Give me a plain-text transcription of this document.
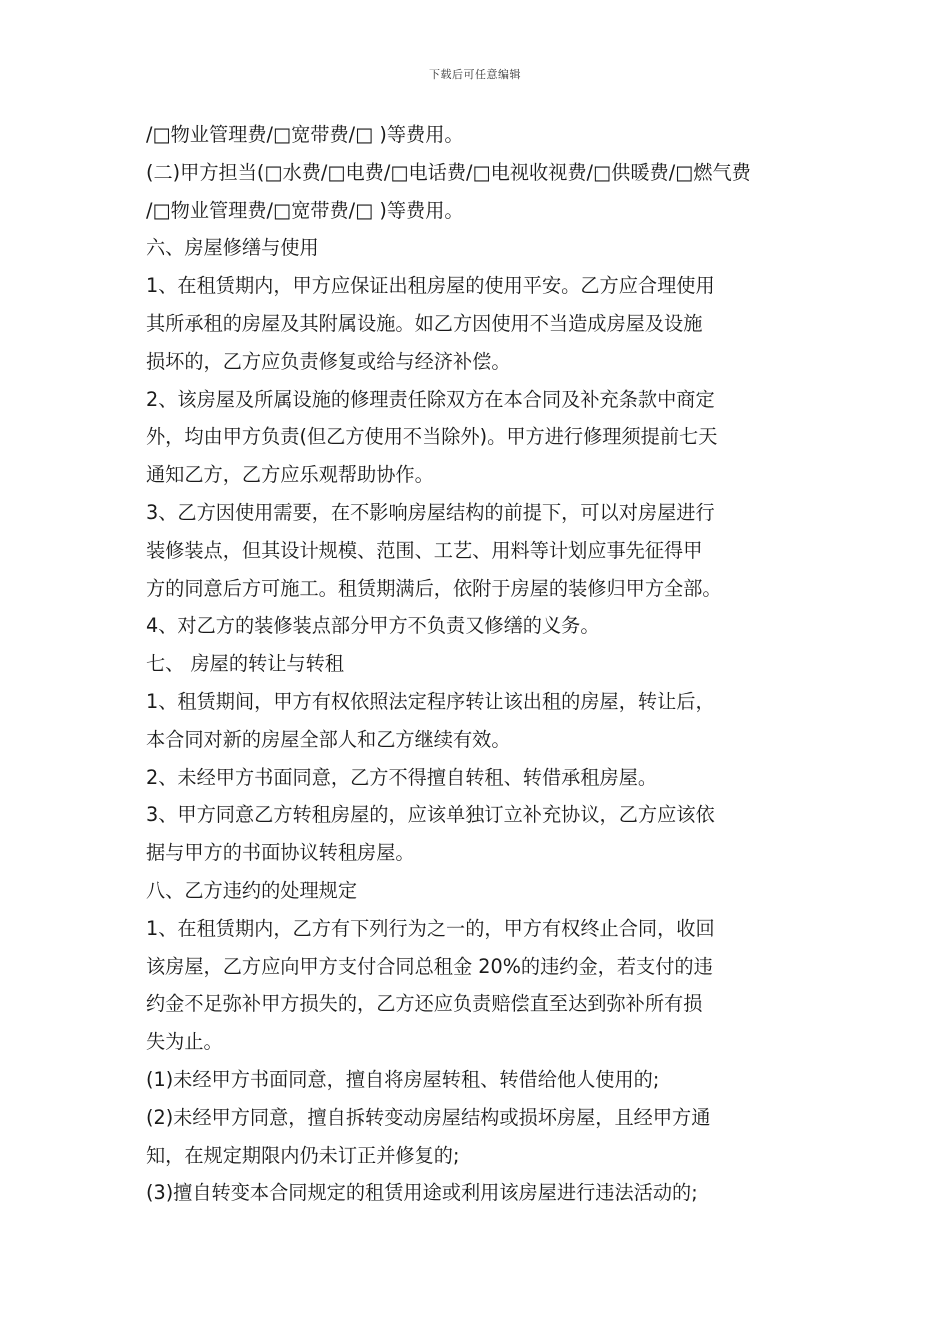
下载后可任意编辑
/□物业管理费/□宽带费/□ )等费用。
(二)甲方担当(□水费/□电费/□电话费/□电视收视费/□供暖费/□燃气费
/□物业管理费/□宽带费/□ )等费用。
六、房屋修缮与使用
1、在租赁期内，甲方应保证出租房屋的使用平安。乙方应合理使用
其所承租的房屋及其附属设施。如乙方因使用不当造成房屋及设施
损坏的，乙方应负责修复或给与经济补偿。
2、该房屋及所属设施的修理责任除双方在本合同及补充条款中商定
外，均由甲方负责(但乙方使用不当除外)。甲方进行修理须提前七天
通知乙方，乙方应乐观帮助协作。
3、乙方因使用需要，在不影响房屋结构的前提下，可以对房屋进行
装修装点，但其设计规模、范围、工艺、用料等计划应事先征得甲
方的同意后方可施工。租赁期满后，依附于房屋的装修归甲方全部。
4、对乙方的装修装点部分甲方不负责又修缮的义务。
七、 房屋的转让与转租
1、租赁期间，甲方有权依照法定程序转让该出租的房屋，转让后，
本合同对新的房屋全部人和乙方继续有效。
2、未经甲方书面同意，乙方不得擅自转租、转借承租房屋。
3、甲方同意乙方转租房屋的，应该单独订立补充协议，乙方应该依
据与甲方的书面协议转租房屋。
八、乙方违约的处理规定
1、在租赁期内，乙方有下列行为之一的，甲方有权终止合同，收回
该房屋，乙方应向甲方支付合同总租金 20%的违约金，若支付的违
约金不足弥补甲方损失的，乙方还应负责赔偿直至达到弥补所有损
失为止。
(1)未经甲方书面同意，擅自将房屋转租、转借给他人使用的;
(2)未经甲方同意，擅自拆转变动房屋结构或损坏房屋，且经甲方通
知，在规定期限内仍未订正并修复的;
(3)擅自转变本合同规定的租赁用途或利用该房屋进行违法活动的;
